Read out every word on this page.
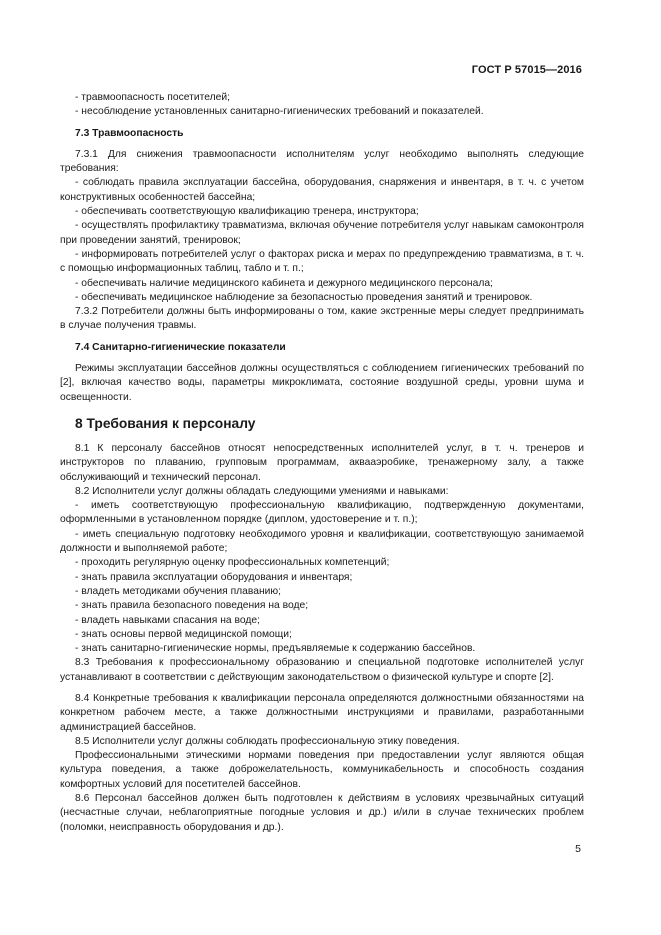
ГОСТ Р 57015—2016

- травмоопасность посетителей;

- несоблюдение установленных санитарно-гигиенических требований и показателей.

7.3 Травмоопасность

7.3.1 Для снижения травмоопасности исполнителям услуг необходимо выполнять следующие требования:

- соблюдать правила эксплуатации бассейна, оборудования, снаряжения и инвентаря, в т. ч. с учетом конструктивных особенностей бассейна;

- обеспечивать соответствующую квалификацию тренера, инструктора;

- осуществлять профилактику травматизма, включая обучение потребителя услуг навыкам самоконтроля при проведении занятий, тренировок;

- информировать потребителей услуг о факторах риска и мерах по предупреждению травматизма, в т. ч. с помощью информационных таблиц, табло и т. п.;

- обеспечивать наличие медицинского кабинета и дежурного медицинского персонала;

- обеспечивать медицинское наблюдение за безопасностью проведения занятий и тренировок.

7.3.2 Потребители должны быть информированы о том, какие экстренные меры следует предпринимать в случае получения травмы.

7.4 Санитарно-гигиенические показатели

Режимы эксплуатации бассейнов должны осуществляться с соблюдением гигиенических требований по [2], включая качество воды, параметры микроклимата, состояние воздушной среды, уровни шума и освещенности.

8 Требования к персоналу

8.1 К персоналу бассейнов относят непосредственных исполнителей услуг, в т. ч. тренеров и инструкторов по плаванию, групповым программам, аквааэробике, тренажерному залу, а также обслуживающий и технический персонал.

8.2 Исполнители услуг должны обладать следующими умениями и навыками:

- иметь соответствующую профессиональную квалификацию, подтвержденную документами, оформленными в установленном порядке (диплом, удостоверение и т. п.);

- иметь специальную подготовку необходимого уровня и квалификации, соответствующую занимаемой должности и выполняемой работе;

- проходить регулярную оценку профессиональных компетенций;

- знать правила эксплуатации оборудования и инвентаря;

- владеть методиками обучения плаванию;

- знать правила безопасного поведения на воде;

- владеть навыками спасания на воде;

- знать основы первой медицинской помощи;

- знать санитарно-гигиенические нормы, предъявляемые к содержанию бассейнов.

8.3 Требования к профессиональному образованию и специальной подготовке исполнителей услуг устанавливают в соответствии с действующим законодательством о физической культуре и спорте [2].

8.4 Конкретные требования к квалификации персонала определяются должностными обязанностями на конкретном рабочем месте, а также должностными инструкциями и правилами, разработанными администрацией бассейнов.

8.5 Исполнители услуг должны соблюдать профессиональную этику поведения.

Профессиональными этическими нормами поведения при предоставлении услуг являются общая культура поведения, а также доброжелательность, коммуникабельность и способность создания комфортных условий для посетителей бассейнов.

8.6 Персонал бассейнов должен быть подготовлен к действиям в условиях чрезвычайных ситуаций (несчастные случаи, неблагоприятные погодные условия и др.) и/или в случае технических проблем (поломки, неисправность оборудования и др.).

5
